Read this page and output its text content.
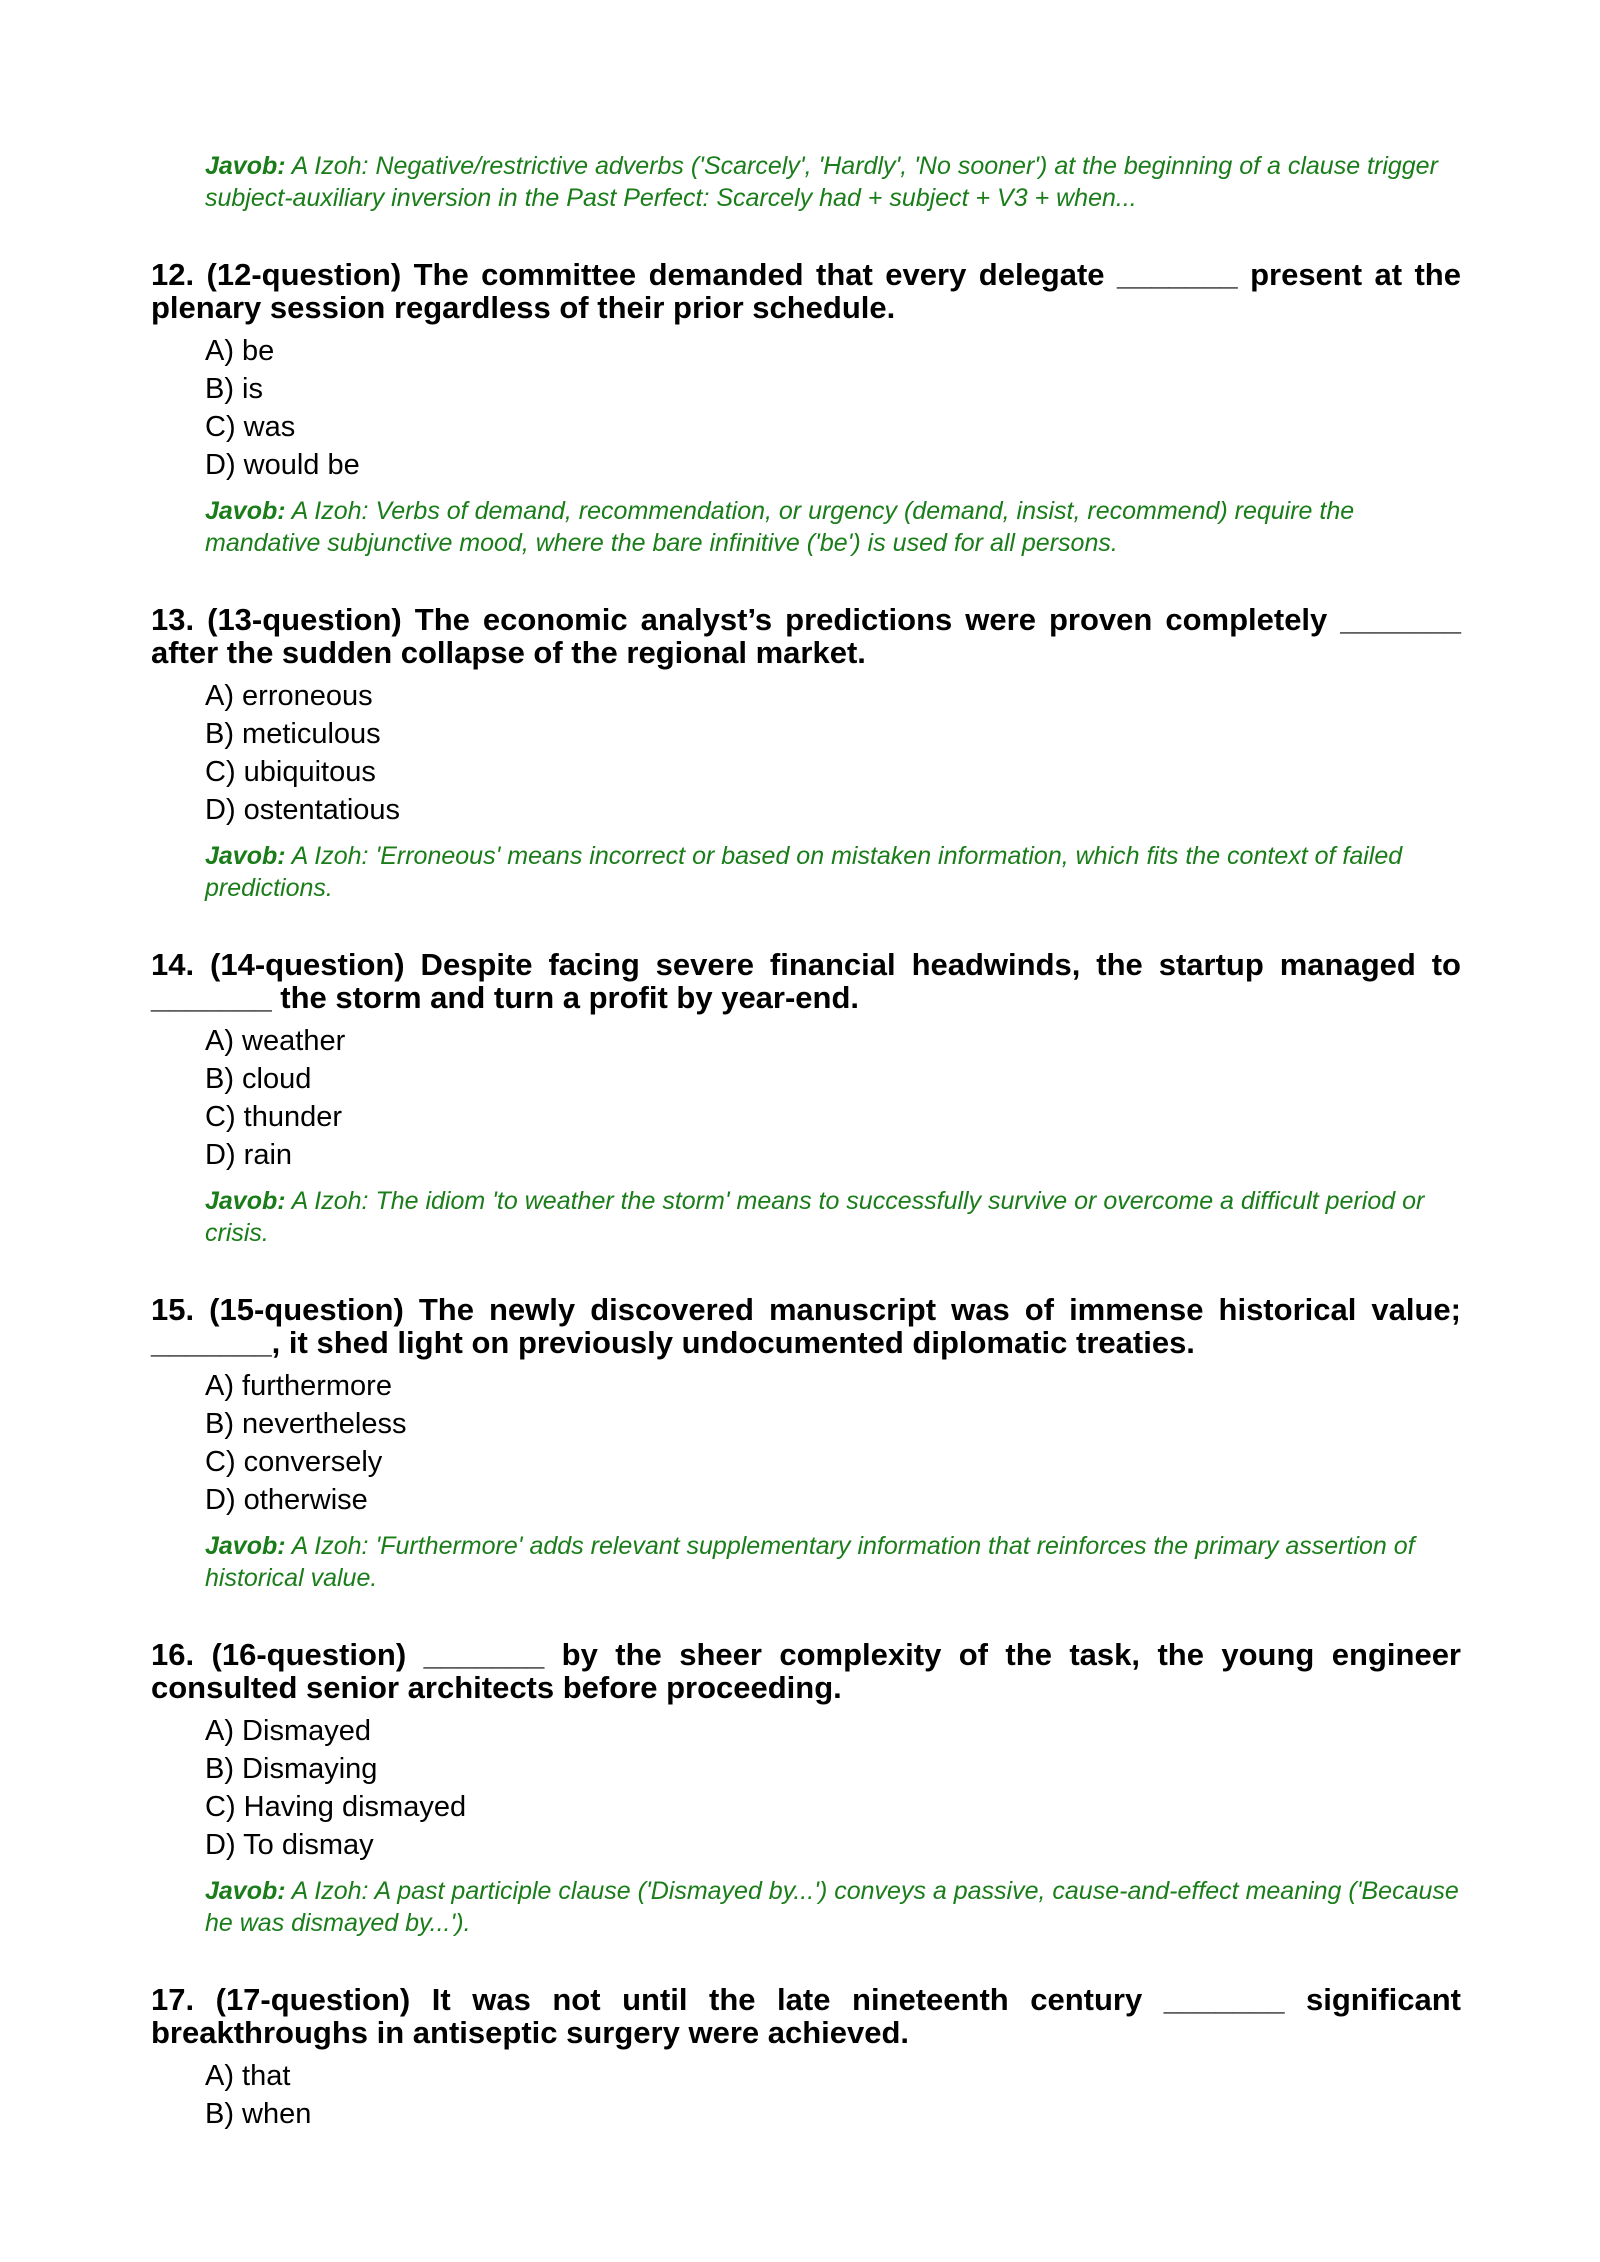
Javob: A Izoh: Negative/restrictive adverbs ('Scarcely', 'Hardly', 'No sooner') at the beginning of a clause trigger subject-auxiliary inversion in the Past Perfect: Scarcely had + subject + V3 + when...

12. (12-question) The committee demanded that every delegate _______ present at the plenary session regardless of their prior schedule.

A) be
B) is
C) was
D) would be
Javob: A Izoh: Verbs of demand, recommendation, or urgency (demand, insist, recommend) require the mandative subjunctive mood, where the bare infinitive ('be') is used for all persons.

13. (13-question) The economic analyst’s predictions were proven completely _______ after the sudden collapse of the regional market.

A) erroneous
B) meticulous
C) ubiquitous
D) ostentatious
Javob: A Izoh: 'Erroneous' means incorrect or based on mistaken information, which fits the context of failed predictions.

14. (14-question) Despite facing severe financial headwinds, the startup managed to _______ the storm and turn a profit by year-end.

A) weather
B) cloud
C) thunder
D) rain
Javob: A Izoh: The idiom 'to weather the storm' means to successfully survive or overcome a difficult period or crisis.

15. (15-question) The newly discovered manuscript was of immense historical value; _______, it shed light on previously undocumented diplomatic treaties.

A) furthermore
B) nevertheless
C) conversely
D) otherwise
Javob: A Izoh: 'Furthermore' adds relevant supplementary information that reinforces the primary assertion of historical value.

16. (16-question) _______ by the sheer complexity of the task, the young engineer consulted senior architects before proceeding.

A) Dismayed
B) Dismaying
C) Having dismayed
D) To dismay
Javob: A Izoh: A past participle clause ('Dismayed by...') conveys a passive, cause-and-effect meaning ('Because he was dismayed by...').

17. (17-question) It was not until the late nineteenth century _______ significant breakthroughs in antiseptic surgery were achieved.

A) that
B) when
